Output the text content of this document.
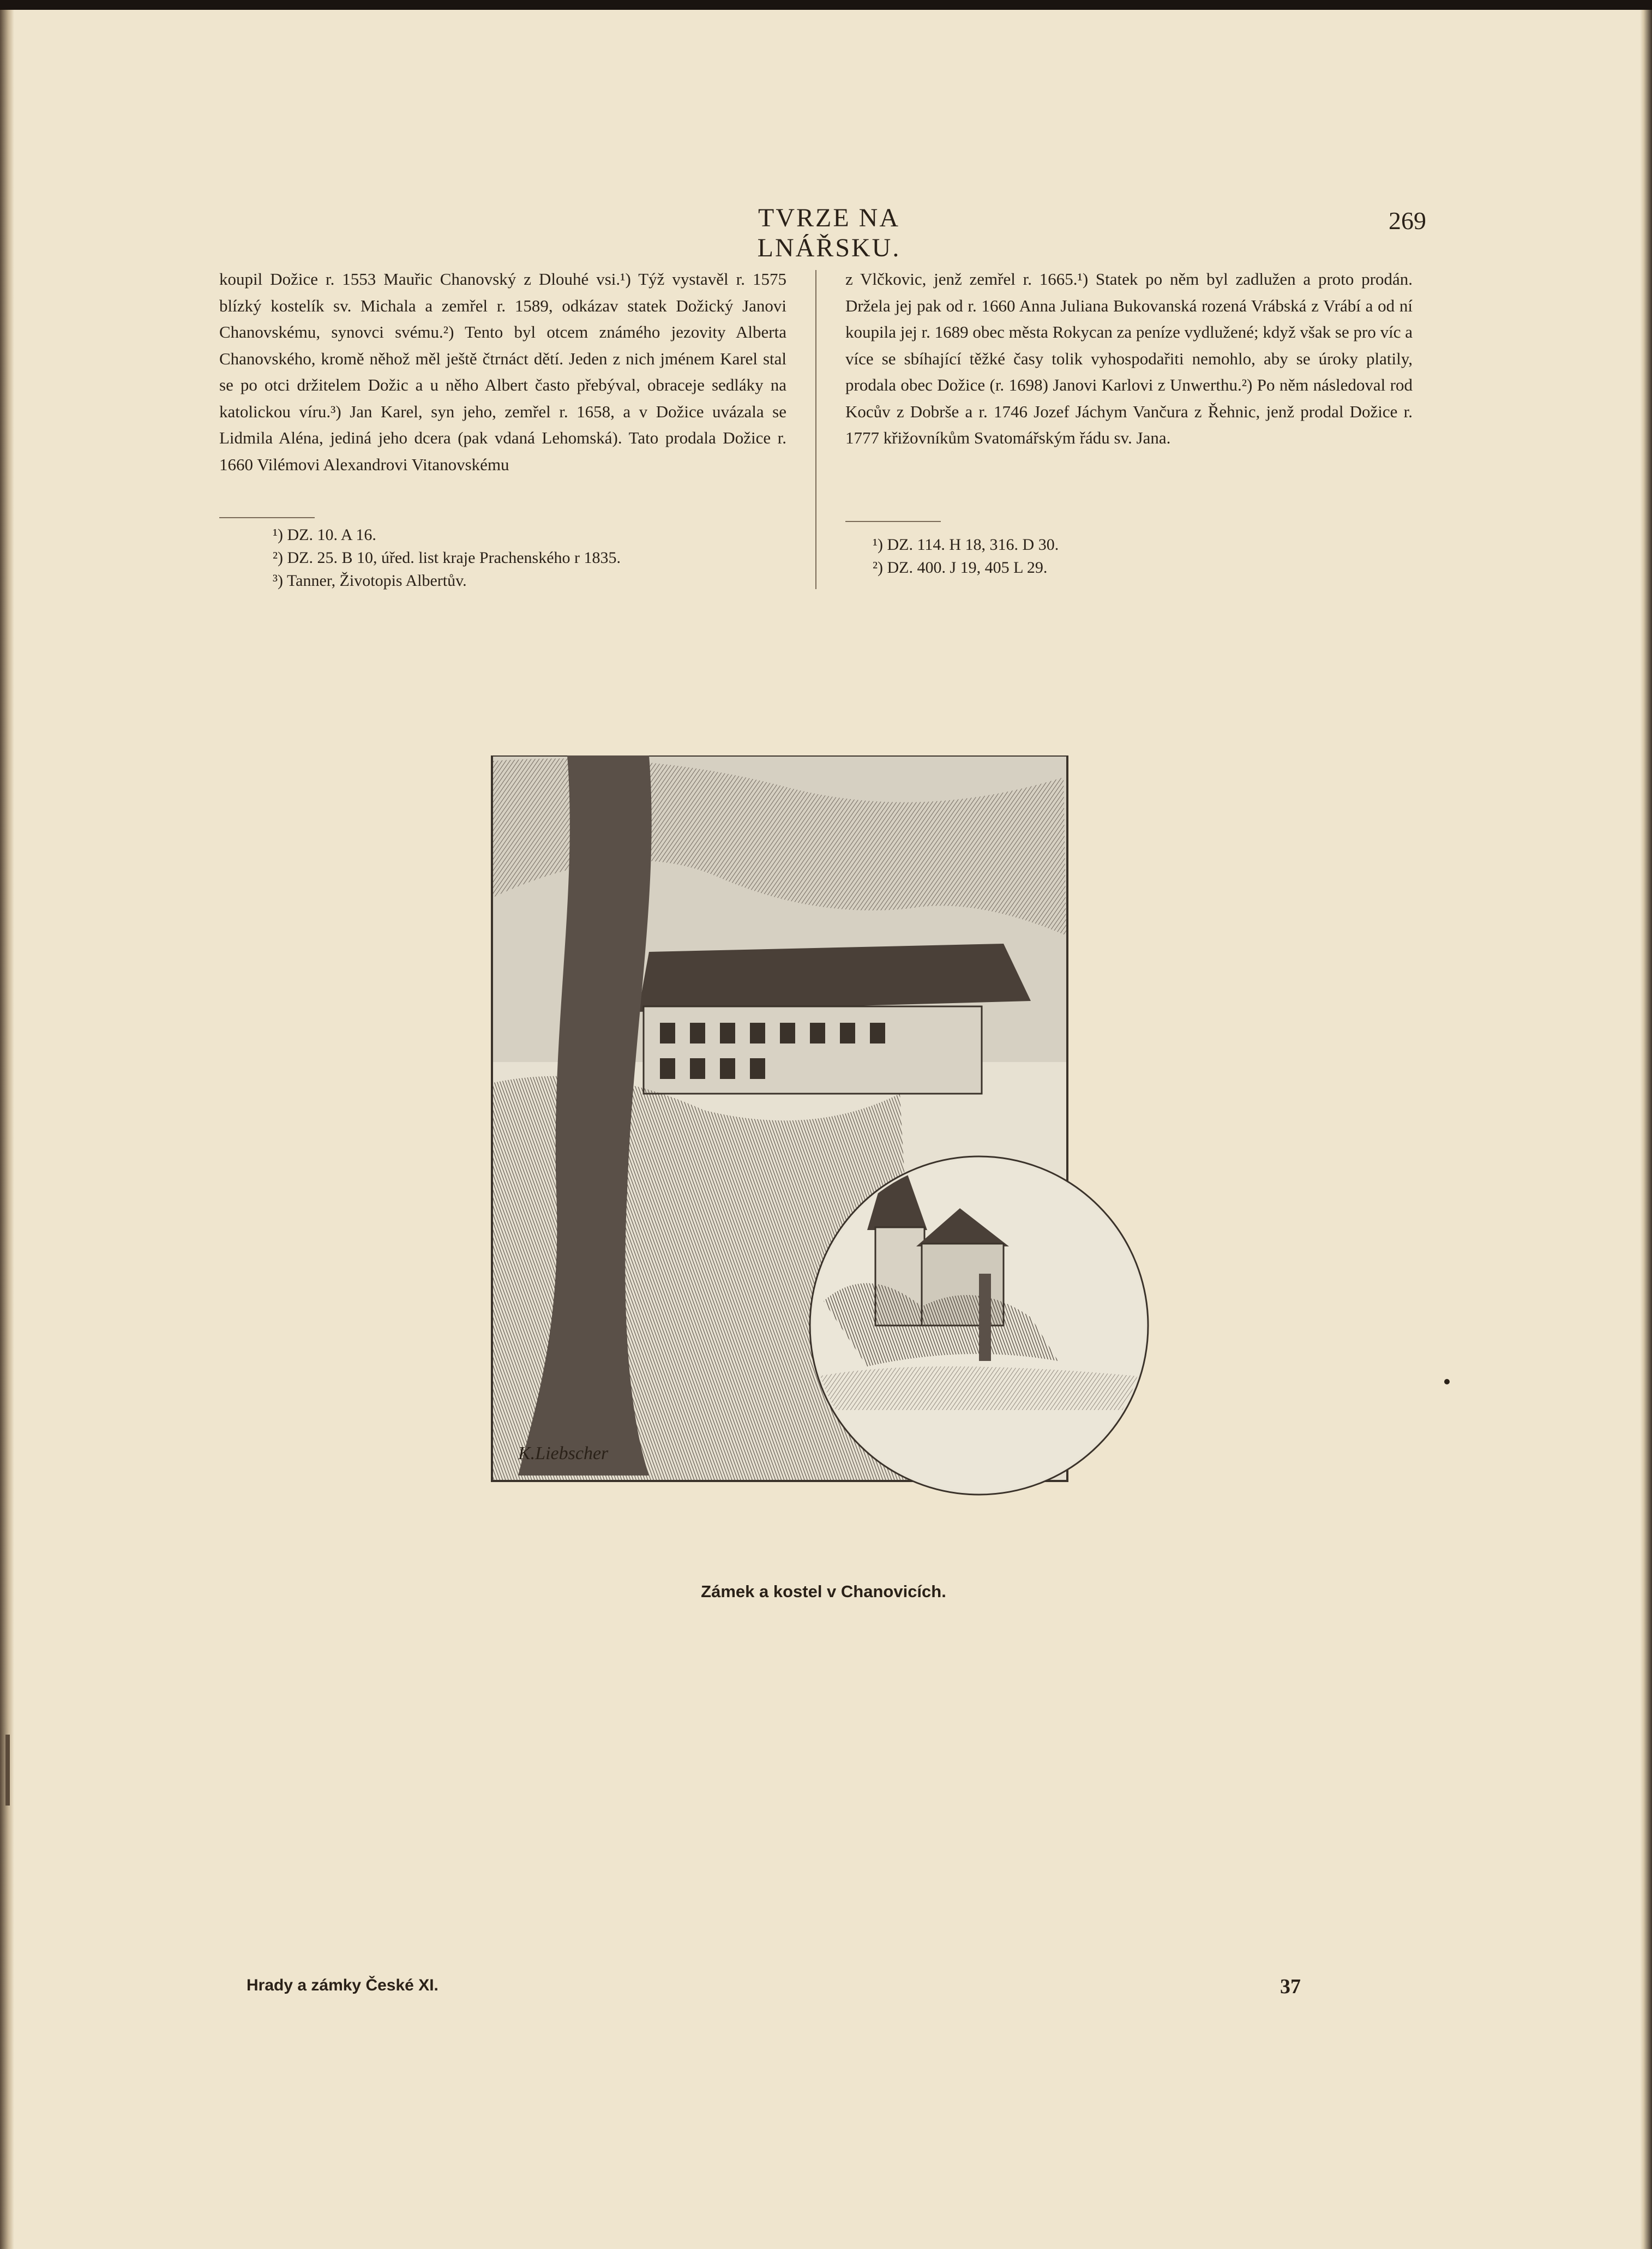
TVRZE NA LNÁŘSKU.
269

koupil Dožice r. 1553 Mauřic Chanovský z Dlouhé vsi.¹) Týž vystavěl r. 1575 blízký kostelík sv. Michala a zemřel r. 1589, odkázav statek Dožický Janovi Chanovskému, synovci svému.²) Tento byl otcem známého jezovity Alberta Chanovského, kromě něhož měl ještě čtrnáct dětí. Jeden z nich jménem Karel stal se po otci držitelem Dožic a u něho Albert často přebýval, obraceje sedláky na katolickou víru.³) Jan Karel, syn jeho, zemřel r. 1658, a v Dožice uvázala se Lidmila Aléna, jediná jeho dcera (pak vdaná Lehomská). Tato prodala Dožice r. 1660 Vilémovi Alexandrovi Vitanovskému

z Vlčkovic, jenž zemřel r. 1665.¹) Statek po něm byl zadlužen a proto prodán. Držela jej pak od r. 1660 Anna Juliana Bukovanská rozená Vrábská z Vrábí a od ní koupila jej r. 1689 obec města Rokycan za peníze vydlužené; když však se pro víc a více se sbíhající těžké časy tolik vyhospodařiti nemohlo, aby se úroky platily, prodala obec Dožice (r. 1698) Janovi Karlovi z Unwerthu.²) Po něm následoval rod Kocův z Dobrše a r. 1746 Jozef Jáchym Vančura z Řehnic, jenž prodal Dožice r. 1777 křižovníkům Svatomářským řádu sv. Jana.

¹) DZ. 10. A 16.
²) DZ. 25. B 10, úřed. list kraje Prachenského r 1835.
³) Tanner, Životopis Albertův.
¹) DZ. 114. H 18, 316. D 30.
²) DZ. 400. J 19, 405 L 29.
K.Liebscher
Zámek a kostel v Chanovicích.
Hrady a zámky České XI.	37
